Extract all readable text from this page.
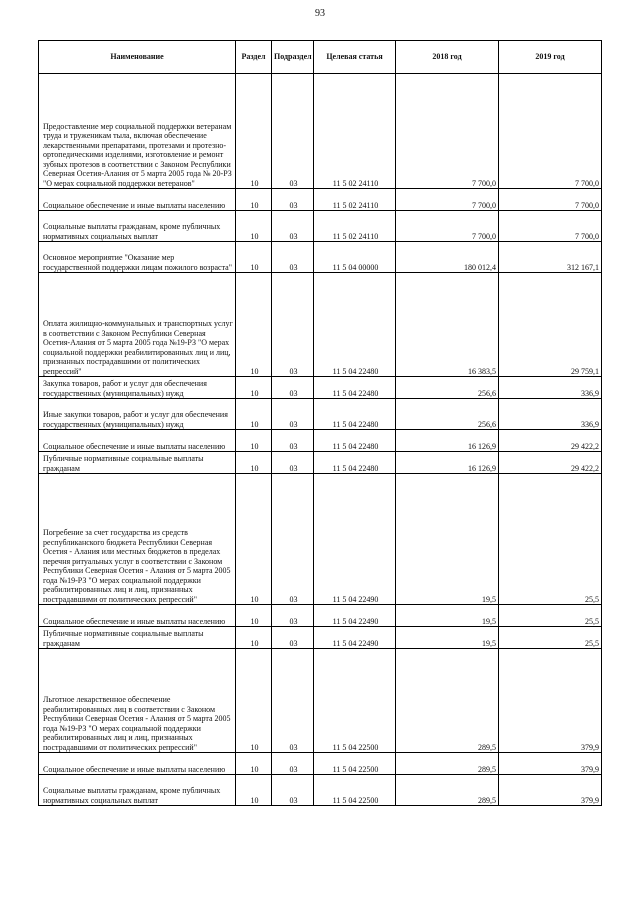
93
Наименование	Раздел	Подраздел	Целевая статья	2018 год	2019 год
Предоставление мер социальной поддержки ветеранам труда и труженикам тыла, включая обеспечение лекарственными препаратами, протезами и протезно-ортопедическими изделиями, изготовление и ремонт зубных протезов в соответствии с Законом Республики Северная Осетия-Алания от 5 марта 2005 года № 20-РЗ "О мерах социальной поддержки ветеранов"	10	03	11 5 02 24110	7 700,0	7 700,0
Социальное обеспечение и иные выплаты населению	10	03	11 5 02 24110	7 700,0	7 700,0
Социальные выплаты гражданам, кроме публичных нормативных социальных выплат	10	03	11 5 02 24110	7 700,0	7 700,0
Основное мероприятие "Оказание мер государственной поддержки лицам пожилого возраста"	10	03	11 5 04 00000	180 012,4	312 167,1
Оплата жилищно-коммунальных и транспортных услуг в соответствии с Законом Республики Северная Осетия-Алания от 5 марта 2005 года №19-РЗ "О мерах социальной поддержки реабилитированных лиц и лиц, признанных пострадавшими от политических репрессий"	10	03	11 5 04 22480	16 383,5	29 759,1
Закупка товаров, работ и услуг для обеспечения государственных (муниципальных) нужд	10	03	11 5 04 22480	256,6	336,9
Иные закупки товаров, работ и услуг для обеспечения государственных (муниципальных) нужд	10	03	11 5 04 22480	256,6	336,9
Социальное обеспечение и иные выплаты населению	10	03	11 5 04 22480	16 126,9	29 422,2
Публичные нормативные социальные выплаты гражданам	10	03	11 5 04 22480	16 126,9	29 422,2
Погребение за счет государства из средств республиканского бюджета Республики Северная Осетия - Алания или местных бюджетов в пределах перечня ритуальных услуг в соответствии с Законом Республики Северная Осетия - Алания от 5 марта 2005 года №19-РЗ "О мерах социальной поддержки реабилитированных лиц и лиц, признанных пострадавшими от политических репрессий"	10	03	11 5 04 22490	19,5	25,5
Социальное обеспечение и иные выплаты населению	10	03	11 5 04 22490	19,5	25,5
Публичные нормативные социальные выплаты гражданам	10	03	11 5 04 22490	19,5	25,5
Льготное лекарственное обеспечение реабилитированных лиц в соответствии с Законом Республики Северная Осетия - Алания от 5 марта 2005 года №19-РЗ "О мерах социальной поддержки реабилитированных лиц и лиц, признанных пострадавшими от политических репрессий"	10	03	11 5 04 22500	289,5	379,9
Социальное обеспечение и иные выплаты населению	10	03	11 5 04 22500	289,5	379,9
Социальные выплаты гражданам, кроме публичных нормативных социальных выплат	10	03	11 5 04 22500	289,5	379,9
